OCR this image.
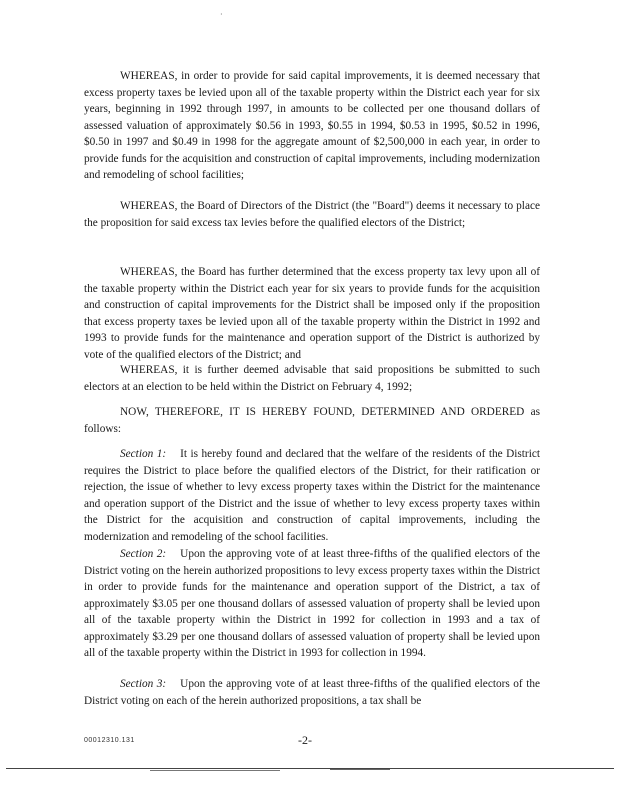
·

WHEREAS, in order to provide for said capital improvements, it is deemed necessary that excess property taxes be levied upon all of the taxable property within the District each year for six years, beginning in 1992 through 1997, in amounts to be collected per one thousand dollars of assessed valuation of approximately $0.56 in 1993, $0.55 in 1994, $0.53 in 1995, $0.52 in 1996, $0.50 in 1997 and $0.49 in 1998 for the aggregate amount of $2,500,000 in each year, in order to provide funds for the acquisition and construction of capital improvements, including modernization and remodeling of school facilities;

WHEREAS, the Board of Directors of the District (the "Board") deems it necessary to place the proposition for said excess tax levies before the qualified electors of the District;

WHEREAS, the Board has further determined that the excess property tax levy upon all of the taxable property within the District each year for six years to provide funds for the acquisition and construction of capital improvements for the District shall be imposed only if the proposition that excess property taxes be levied upon all of the taxable property within the District in 1992 and 1993 to provide funds for the maintenance and operation support of the District is authorized by vote of the qualified electors of the District; and

WHEREAS, it is further deemed advisable that said propositions be submitted to such electors at an election to be held within the District on February 4, 1992;

NOW, THEREFORE, IT IS HEREBY FOUND, DETERMINED AND ORDERED as follows:

Section 1: It is hereby found and declared that the welfare of the residents of the District requires the District to place before the qualified electors of the District, for their ratification or rejection, the issue of whether to levy excess property taxes within the District for the maintenance and operation support of the District and the issue of whether to levy excess property taxes within the District for the acquisition and construction of capital improvements, including the modernization and remodeling of the school facilities.

Section 2: Upon the approving vote of at least three-fifths of the qualified electors of the District voting on the herein authorized propositions to levy excess property taxes within the District in order to provide funds for the maintenance and operation support of the District, a tax of approximately $3.05 per one thousand dollars of assessed valuation of property shall be levied upon all of the taxable property within the District in 1992 for collection in 1993 and a tax of approximately $3.29 per one thousand dollars of assessed valuation of property shall be levied upon all of the taxable property within the District in 1993 for collection in 1994.

Section 3: Upon the approving vote of at least three-fifths of the qualified electors of the District voting on each of the herein authorized propositions, a tax shall be

00012310.131	-2-
